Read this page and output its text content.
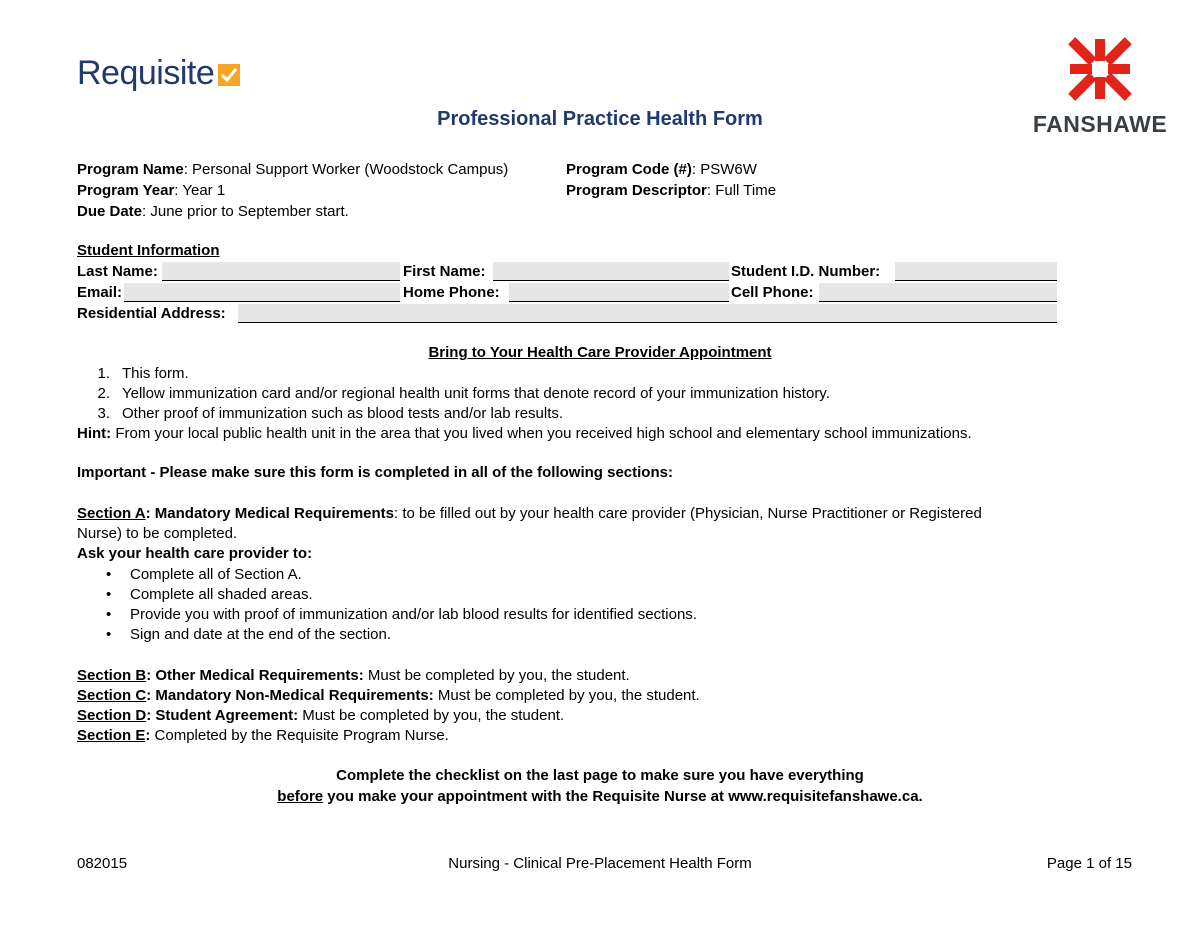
Requisite
FANSHAWE
Professional Practice Health Form
Program Name: Personal Support Worker (Woodstock Campus)	Program Code (#): PSW6W
Program Year: Year 1	Program Descriptor: Full Time
Due Date: June prior to September start.
Student Information
Last Name:	First Name:	Student I.D. Number:
Email:	Home Phone:	Cell Phone:
Residential Address:
Bring to Your Health Care Provider Appointment
1. This form.
2. Yellow immunization card and/or regional health unit forms that denote record of your immunization history.
3. Other proof of immunization such as blood tests and/or lab results.
Hint: From your local public health unit in the area that you lived when you received high school and elementary school immunizations.
Important - Please make sure this form is completed in all of the following sections:
Section A: Mandatory Medical Requirements: to be filled out by your health care provider (Physician, Nurse Practitioner or Registered
Nurse) to be completed.
Ask your health care provider to:
• Complete all of Section A.
• Complete all shaded areas.
• Provide you with proof of immunization and/or lab blood results for identified sections.
• Sign and date at the end of the section.
Section B: Other Medical Requirements: Must be completed by you, the student.
Section C: Mandatory Non-Medical Requirements: Must be completed by you, the student.
Section D: Student Agreement: Must be completed by you, the student.
Section E: Completed by the Requisite Program Nurse.
Complete the checklist on the last page to make sure you have everything
before you make your appointment with the Requisite Nurse at www.requisitefanshawe.ca.
082015	Nursing - Clinical Pre-Placement Health Form	Page 1 of 15
